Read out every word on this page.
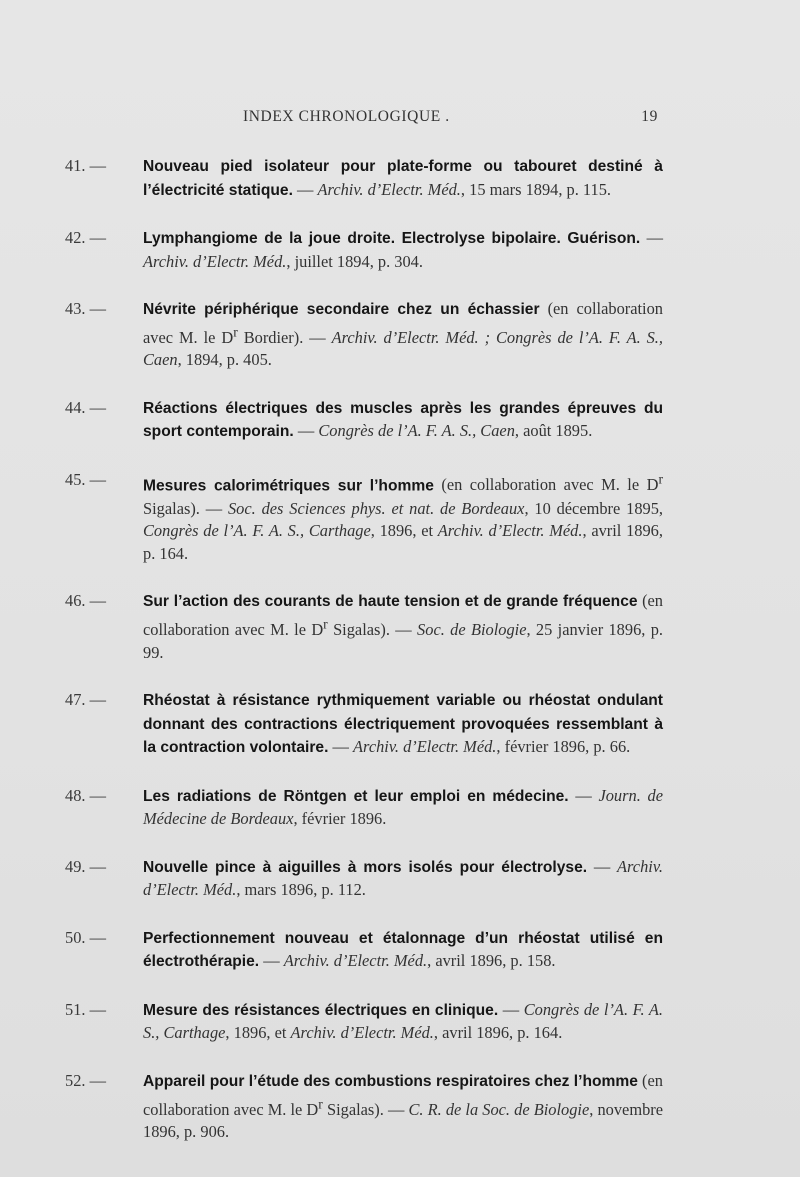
INDEX CHRONOLOGIQUE .	19
41. — Nouveau pied isolateur pour plate-forme ou tabouret destiné à l’électricité statique. — Archiv. d’Electr. Méd., 15 mars 1894, p. 115.
42. — Lymphangiome de la joue droite. Electrolyse bipolaire. Guérison. — Archiv. d’Electr. Méd., juillet 1894, p. 304.
43. — Névrite périphérique secondaire chez un échassier (en collaboration avec M. le $D^r$ Bordier). — Archiv. d’Electr. Méd. ; Congrès de l’A. F. A. S., Caen, 1894, p. 405.
44. — Réactions électriques des muscles après les grandes épreuves du sport contemporain. — Congrès de l’A. F. A. S., Caen, août 1895.
45. — Mesures calorimétriques sur l’homme (en collaboration avec M. le $D^r$ Sigalas). — Soc. des Sciences phys. et nat. de Bordeaux, 10 décembre 1895, Congrès de l’A. F. A. S., Carthage, 1896, et Archiv. d’Electr. Méd., avril 1896, p. 164.
46. — Sur l’action des courants de haute tension et de grande fréquence (en collaboration avec M. le $D^r$ Sigalas). — Soc. de Biologie, 25 janvier 1896, p. 99.
47. — Rhéostat à résistance rythmiquement variable ou rhéostat ondulant donnant des contractions électriquement provoquées ressemblant à la contraction volontaire. — Archiv. d’Electr. Méd., février 1896, p. 66.
48. — Les radiations de Röntgen et leur emploi en médecine. — Journ. de Médecine de Bordeaux, février 1896.
49. — Nouvelle pince à aiguilles à mors isolés pour électrolyse. — Archiv. d’Electr. Méd., mars 1896, p. 112.
50. — Perfectionnement nouveau et étalonnage d’un rhéostat utilisé en électrothérapie. — Archiv. d’Electr. Méd., avril 1896, p. 158.
51. — Mesure des résistances électriques en clinique. — Congrès de l’A. F. A. S., Carthage, 1896, et Archiv. d’Electr. Méd., avril 1896, p. 164.
52. — Appareil pour l’étude des combustions respiratoires chez l’homme (en collaboration avec M. le $D^r$ Sigalas). — C. R. de la Soc. de Biologie, novembre 1896, p. 906.
